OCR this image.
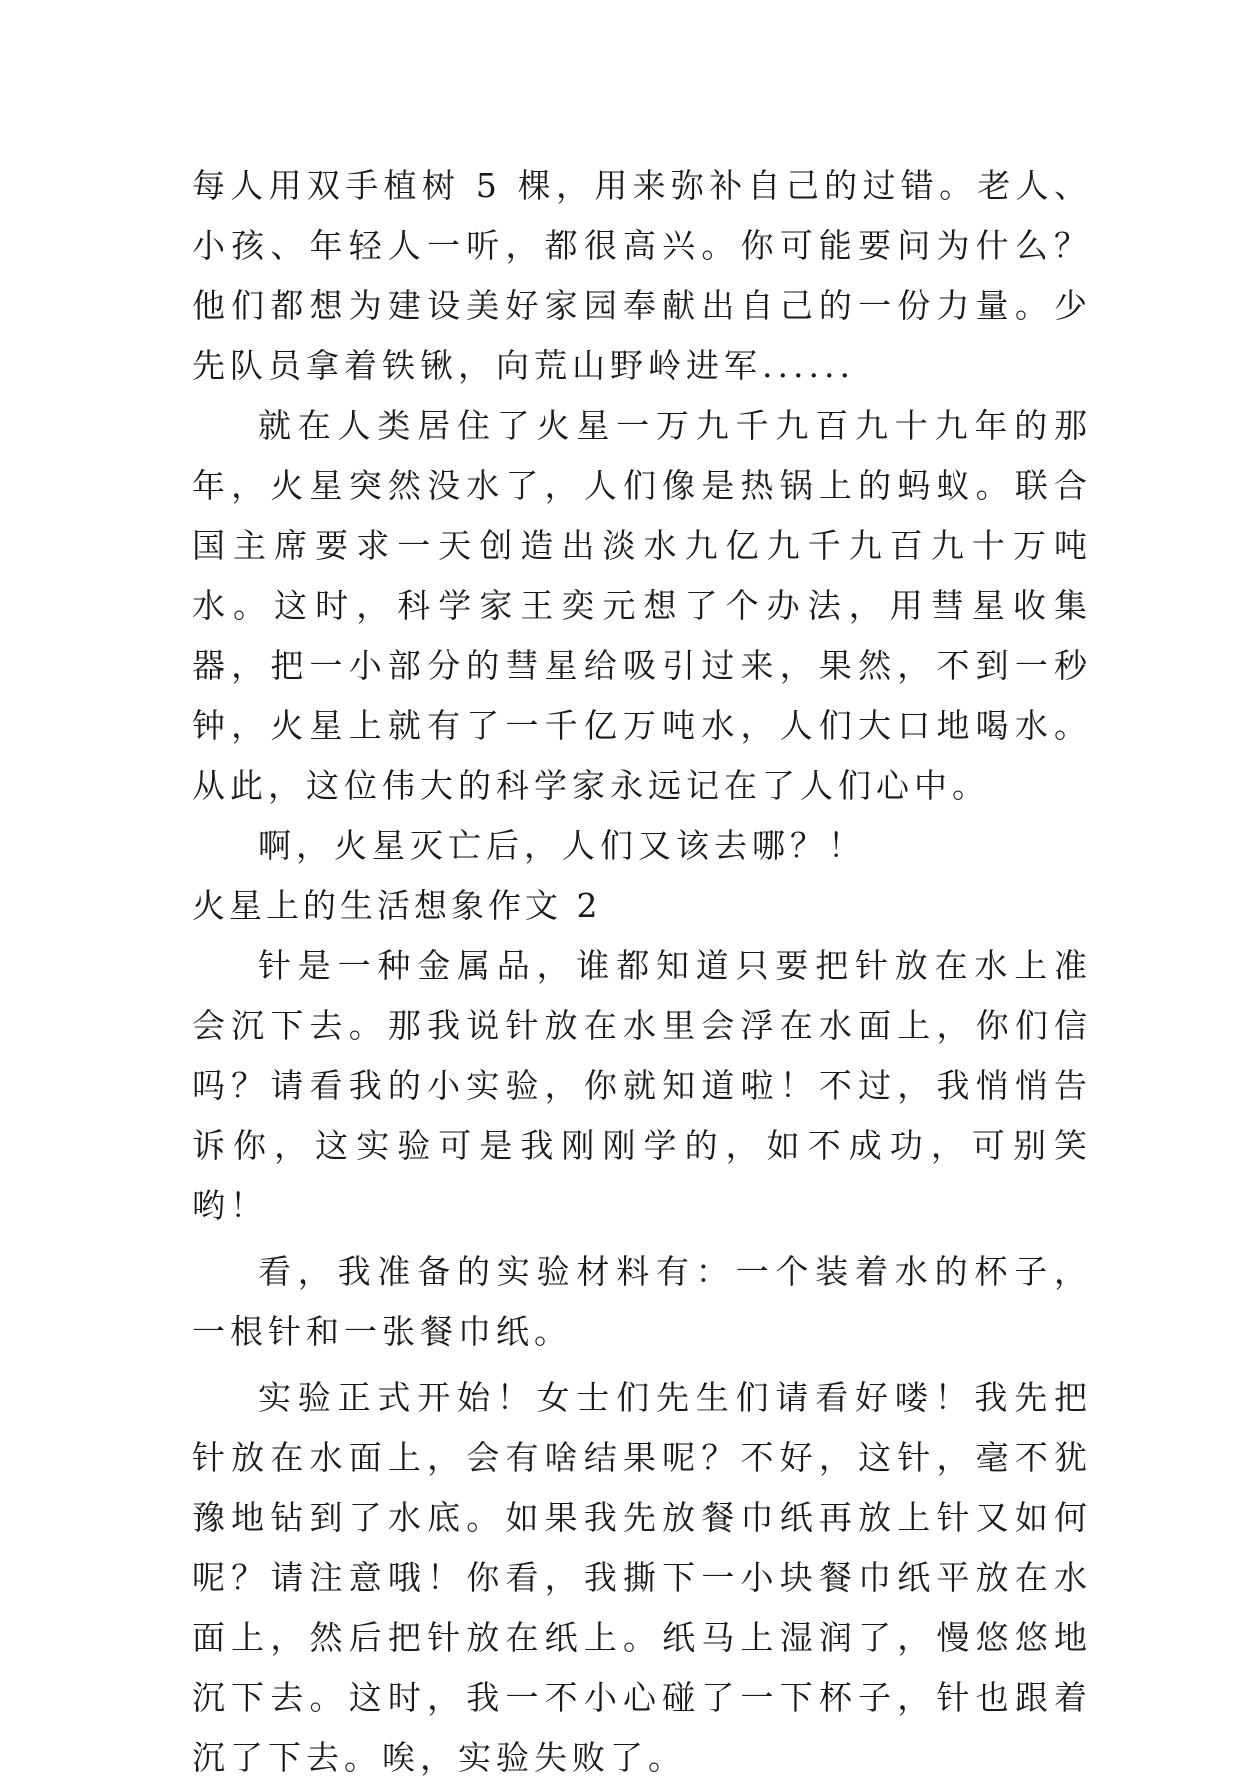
每人用双手植树 5 棵，用来弥补自己的过错。老人、小孩、年轻人一听，都很高兴。你可能要问为什么？他们都想为建设美好家园奉献出自己的一份力量。少先队员拿着铁锹，向荒山野岭进军......

就在人类居住了火星一万九千九百九十九年的那年，火星突然没水了，人们像是热锅上的蚂蚁。联合国主席要求一天创造出淡水九亿九千九百九十万吨水。这时，科学家王奕元想了个办法，用彗星收集器，把一小部分的彗星给吸引过来，果然，不到一秒钟，火星上就有了一千亿万吨水，人们大口地喝水。从此，这位伟大的科学家永远记在了人们心中。

啊，火星灭亡后，人们又该去哪？！

火星上的生活想象作文 2

针是一种金属品，谁都知道只要把针放在水上准会沉下去。那我说针放在水里会浮在水面上，你们信吗？请看我的小实验，你就知道啦！不过，我悄悄告诉你，这实验可是我刚刚学的，如不成功，可别笑哟！

看，我准备的实验材料有：一个装着水的杯子，一根针和一张餐巾纸。

实验正式开始！女士们先生们请看好喽！我先把针放在水面上，会有啥结果呢？不好，这针，毫不犹豫地钻到了水底。如果我先放餐巾纸再放上针又如何呢？请注意哦！你看，我撕下一小块餐巾纸平放在水面上，然后把针放在纸上。纸马上湿润了，慢悠悠地沉下去。这时，我一不小心碰了一下杯子，针也跟着沉了下去。唉，实验失败了。
